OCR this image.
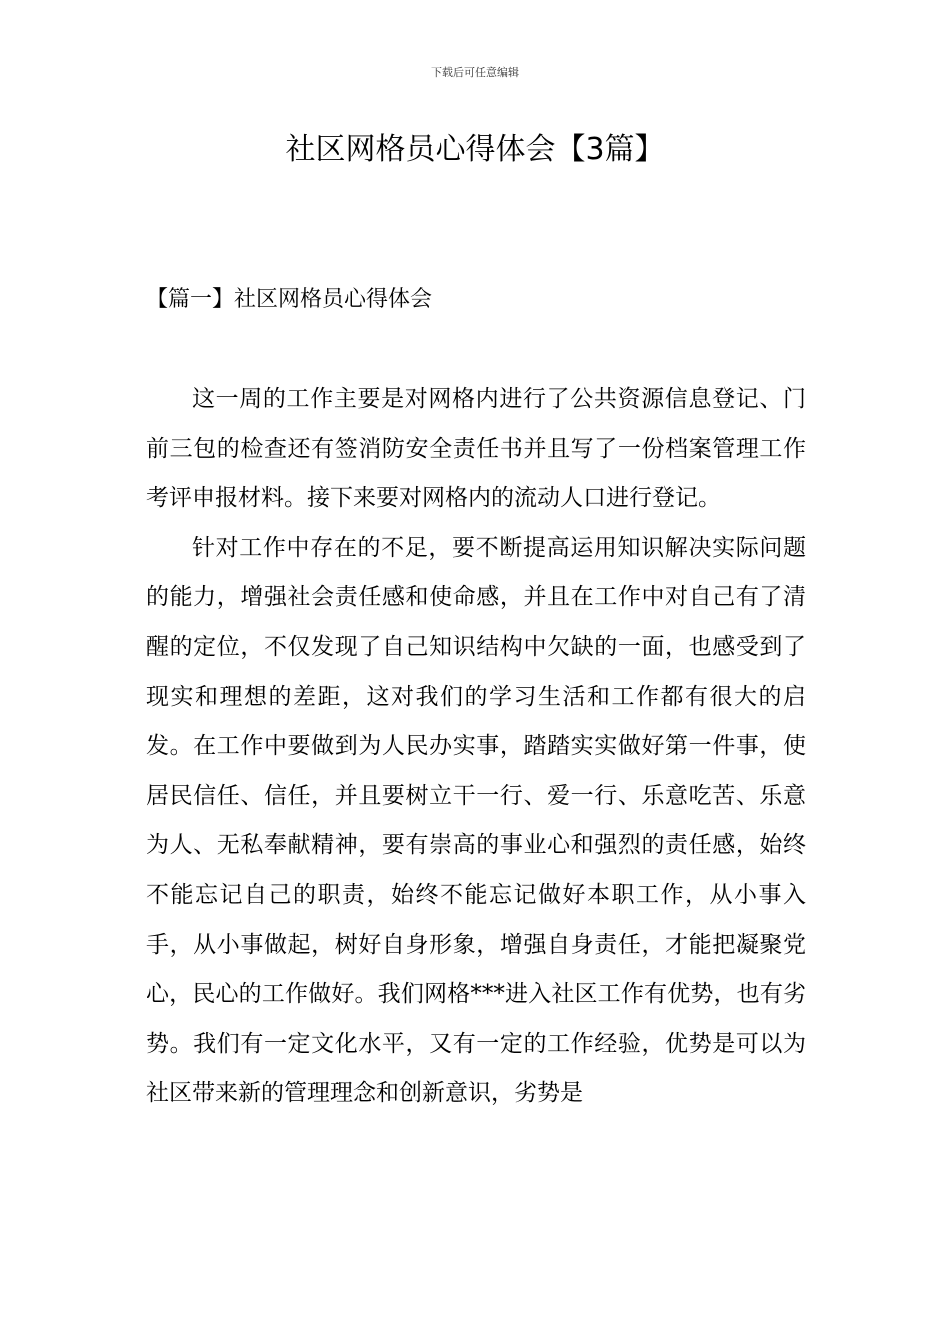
下载后可任意编辑
社区网格员心得体会【3篇】
【篇一】社区网格员心得体会

这一周的工作主要是对网格内进行了公共资源信息登记、门前三包的检查还有签消防安全责任书并且写了一份档案管理工作考评申报材料。接下来要对网格内的流动人口进行登记。

针对工作中存在的不足，要不断提高运用知识解决实际问题的能力，增强社会责任感和使命感，并且在工作中对自己有了清醒的定位，不仅发现了自己知识结构中欠缺的一面，也感受到了现实和理想的差距，这对我们的学习生活和工作都有很大的启发。在工作中要做到为人民办实事，踏踏实实做好第一件事，使居民信任、信任，并且要树立干一行、爱一行、乐意吃苦、乐意为人、无私奉献精神，要有崇高的事业心和强烈的责任感，始终不能忘记自己的职责，始终不能忘记做好本职工作，从小事入手，从小事做起，树好自身形象，增强自身责任，才能把凝聚党心，民心的工作做好。我们网格***进入社区工作有优势，也有劣势。我们有一定文化水平，又有一定的工作经验，优势是可以为社区带来新的管理理念和创新意识，劣势是
